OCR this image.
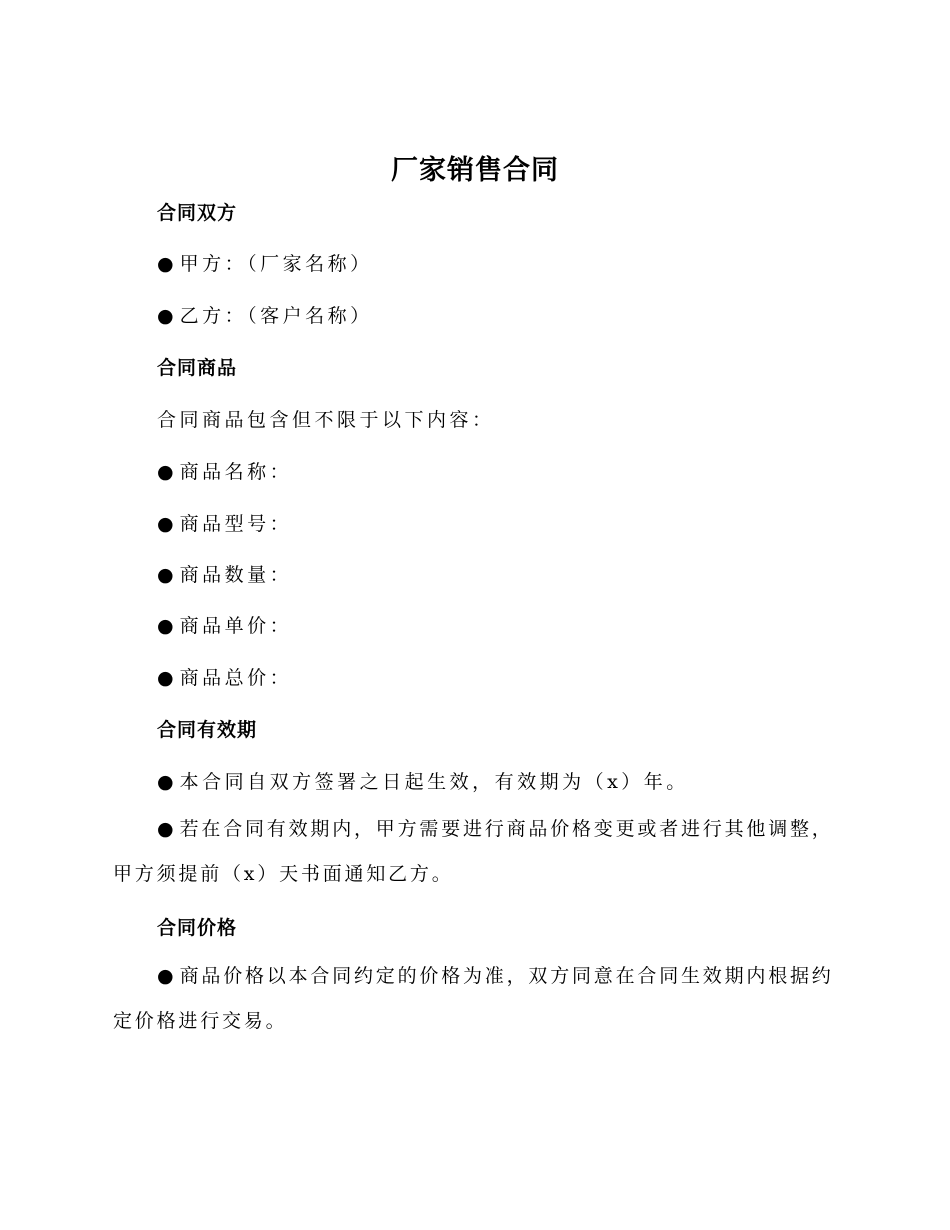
厂家销售合同
合同双方
● 甲方：（厂家名称）
● 乙方：（客户名称）
合同商品
合同商品包含但不限于以下内容：
● 商品名称：
● 商品型号：
● 商品数量：
● 商品单价：
● 商品总价：
合同有效期
● 本合同自双方签署之日起生效，有效期为（x）年。
● 若在合同有效期内，甲方需要进行商品价格变更或者进行其他调整，甲方须提前（x）天书面通知乙方。
合同价格
● 商品价格以本合同约定的价格为准，双方同意在合同生效期内根据约定价格进行交易。
